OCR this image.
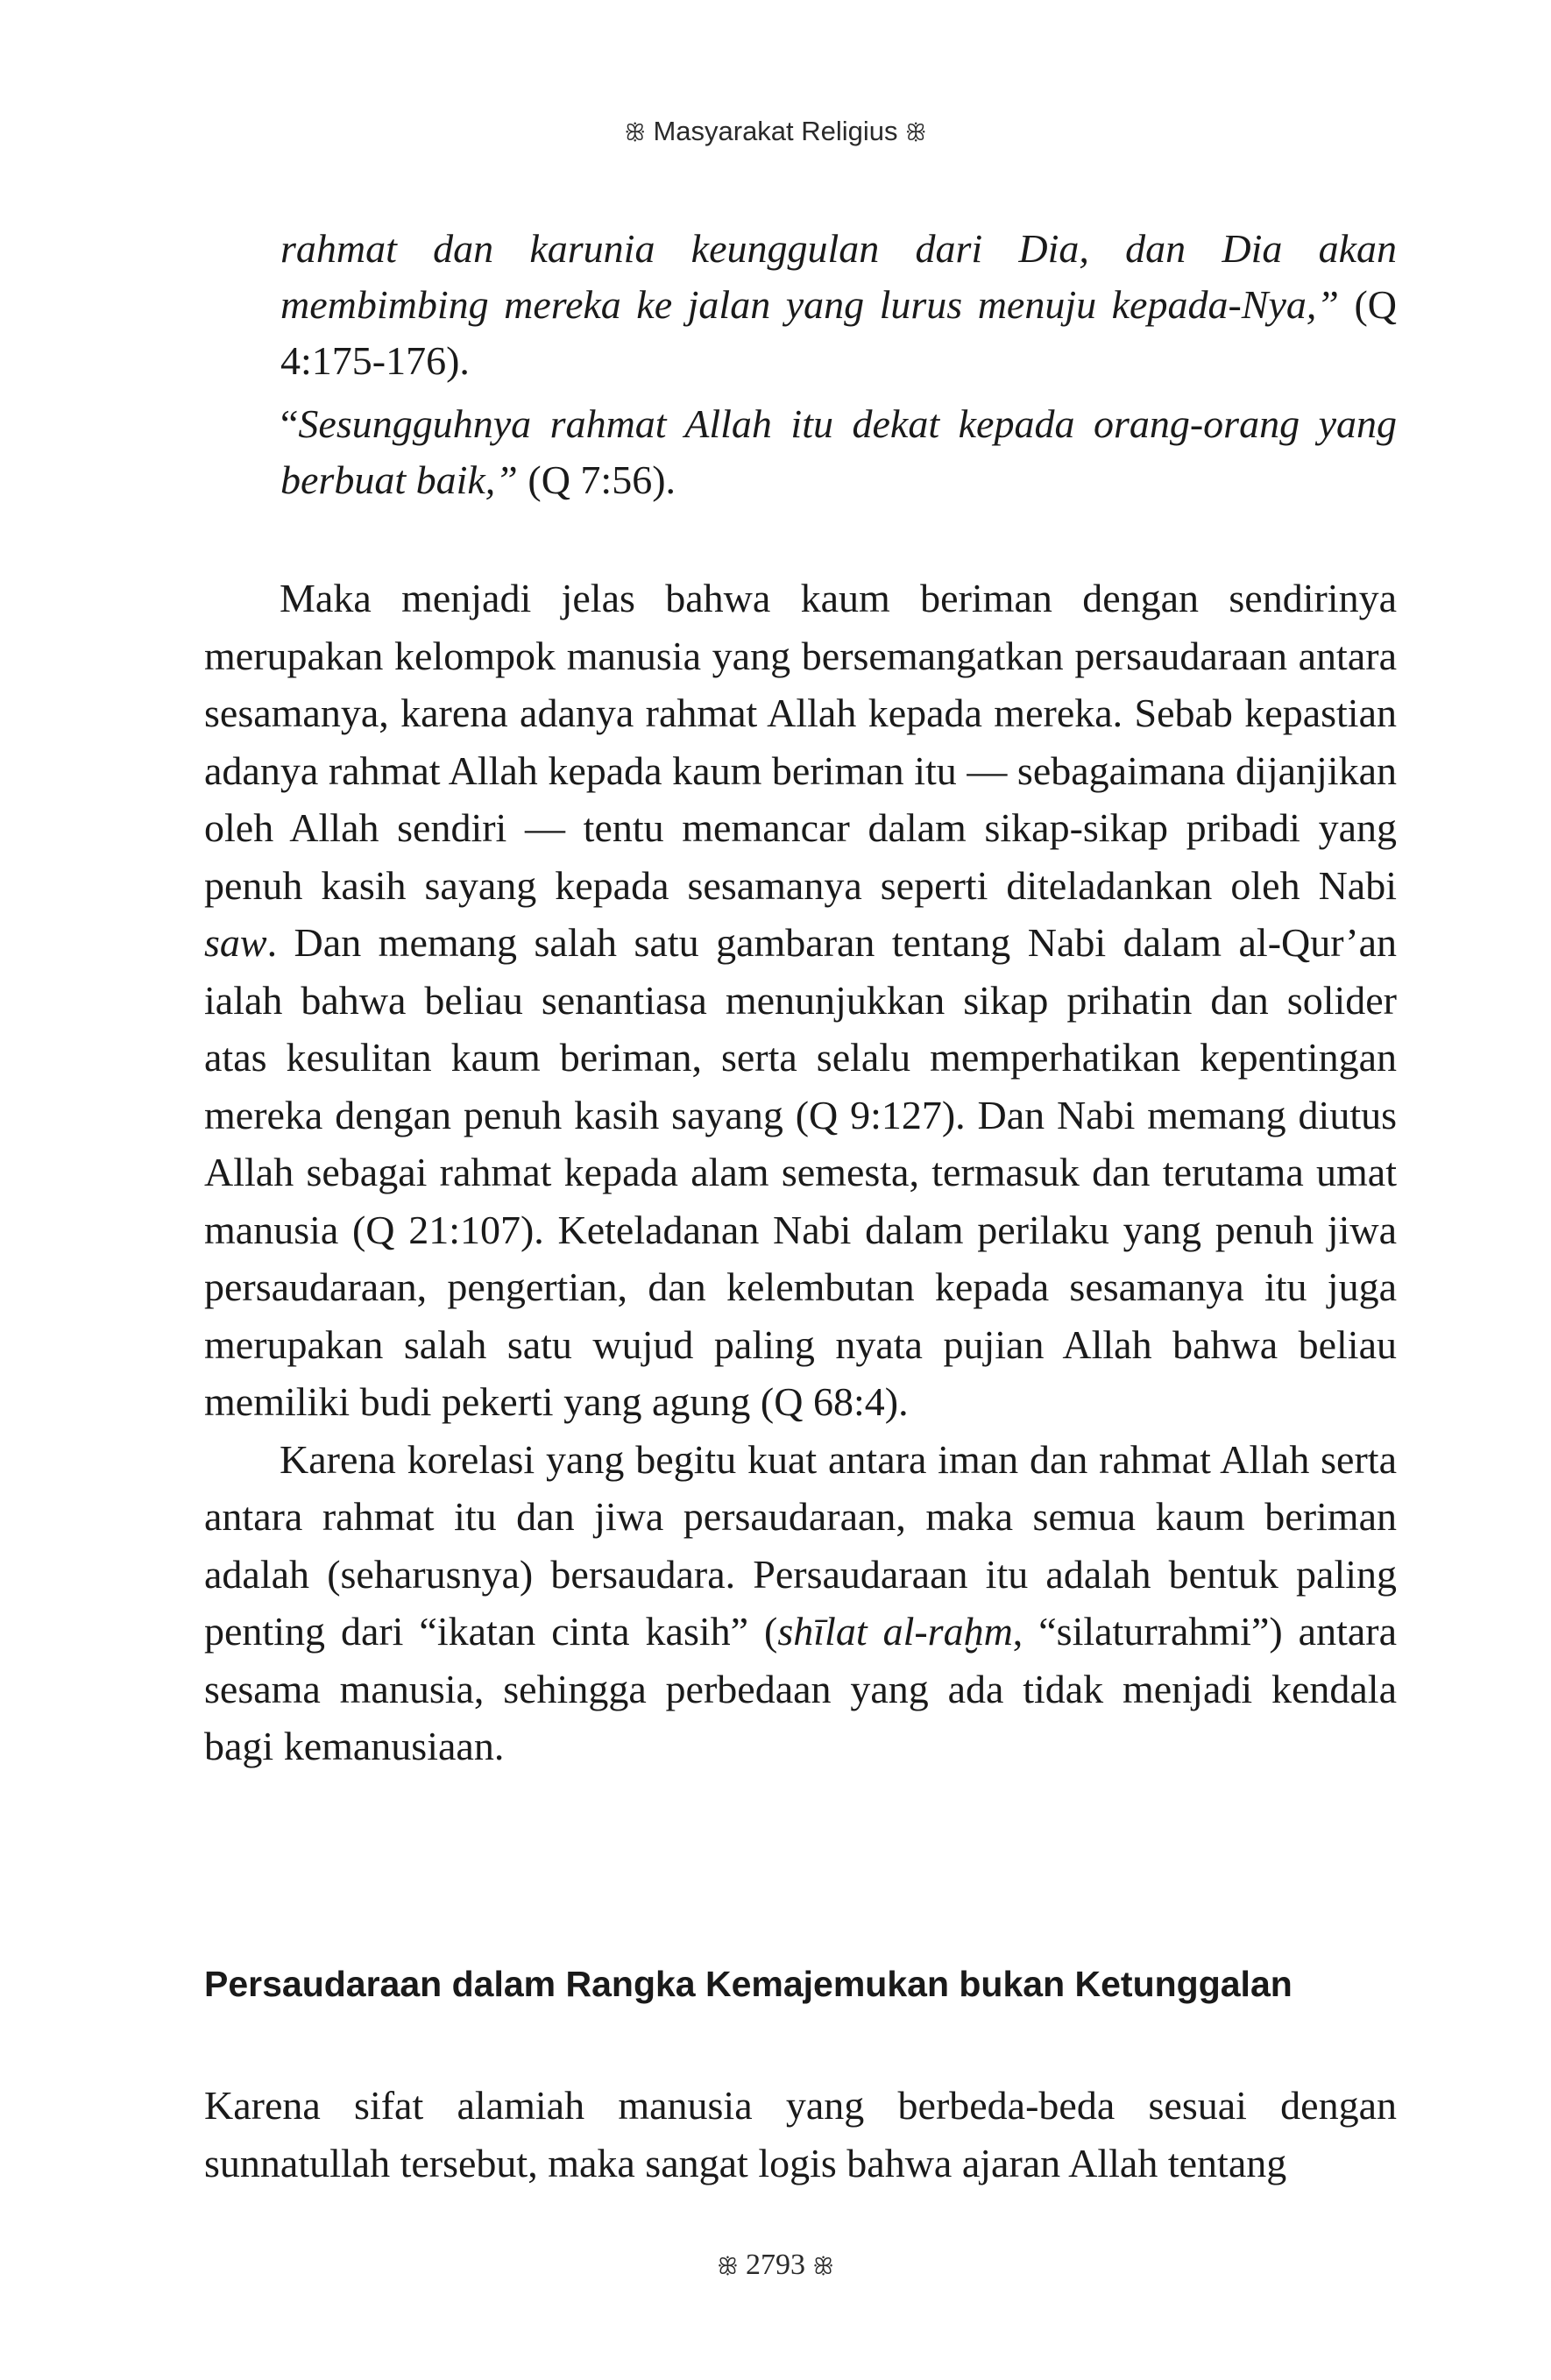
ꕥ Masyarakat Religius ꕥ
rahmat dan karunia keunggulan dari Dia, dan Dia akan membimbing mereka ke jalan yang lurus menuju kepada-Nya,” (Q 4:175-176).
“Sesungguhnya rahmat Allah itu dekat kepada orang-orang yang berbuat baik,” (Q 7:56).

Maka menjadi jelas bahwa kaum beriman dengan sendirinya merupakan kelompok manusia yang bersemangatkan persaudaraan antara sesamanya, karena adanya rahmat Allah kepada mereka. Sebab kepastian adanya rahmat Allah kepada kaum beriman itu — sebagaimana dijanjikan oleh Allah sendiri — tentu memancar dalam sikap-sikap pribadi yang penuh kasih sayang kepada sesamanya seperti diteladankan oleh Nabi saw. Dan memang salah satu gambaran tentang Nabi dalam al-Qur’an ialah bahwa beliau senantiasa menunjukkan sikap prihatin dan solider atas kesulitan kaum beriman, serta selalu memperhatikan kepentingan mereka dengan penuh kasih sayang (Q 9:127). Dan Nabi memang diutus Allah sebagai rahmat kepada alam semesta, termasuk dan terutama umat manusia (Q 21:107). Keteladanan Nabi dalam perilaku yang penuh jiwa persaudaraan, pengertian, dan kelembutan kepada sesamanya itu juga merupakan salah satu wujud paling nyata pujian Allah bahwa beliau memiliki budi pekerti yang agung (Q 68:4).

Karena korelasi yang begitu kuat antara iman dan rahmat Allah serta antara rahmat itu dan jiwa persaudaraan, maka semua kaum beriman adalah (seharusnya) bersaudara. Persaudaraan itu adalah bentuk paling penting dari “ikatan cinta kasih” (shīlat al-raḫm, “silaturrahmi”) antara sesama manusia, sehingga perbedaan yang ada tidak menjadi kendala bagi kemanusiaan.

Persaudaraan dalam Rangka Kemajemukan bukan Ketunggalan

Karena sifat alamiah manusia yang berbeda-beda sesuai dengan sunnatullah tersebut, maka sangat logis bahwa ajaran Allah tentang

ꕥ 2793 ꕥ
